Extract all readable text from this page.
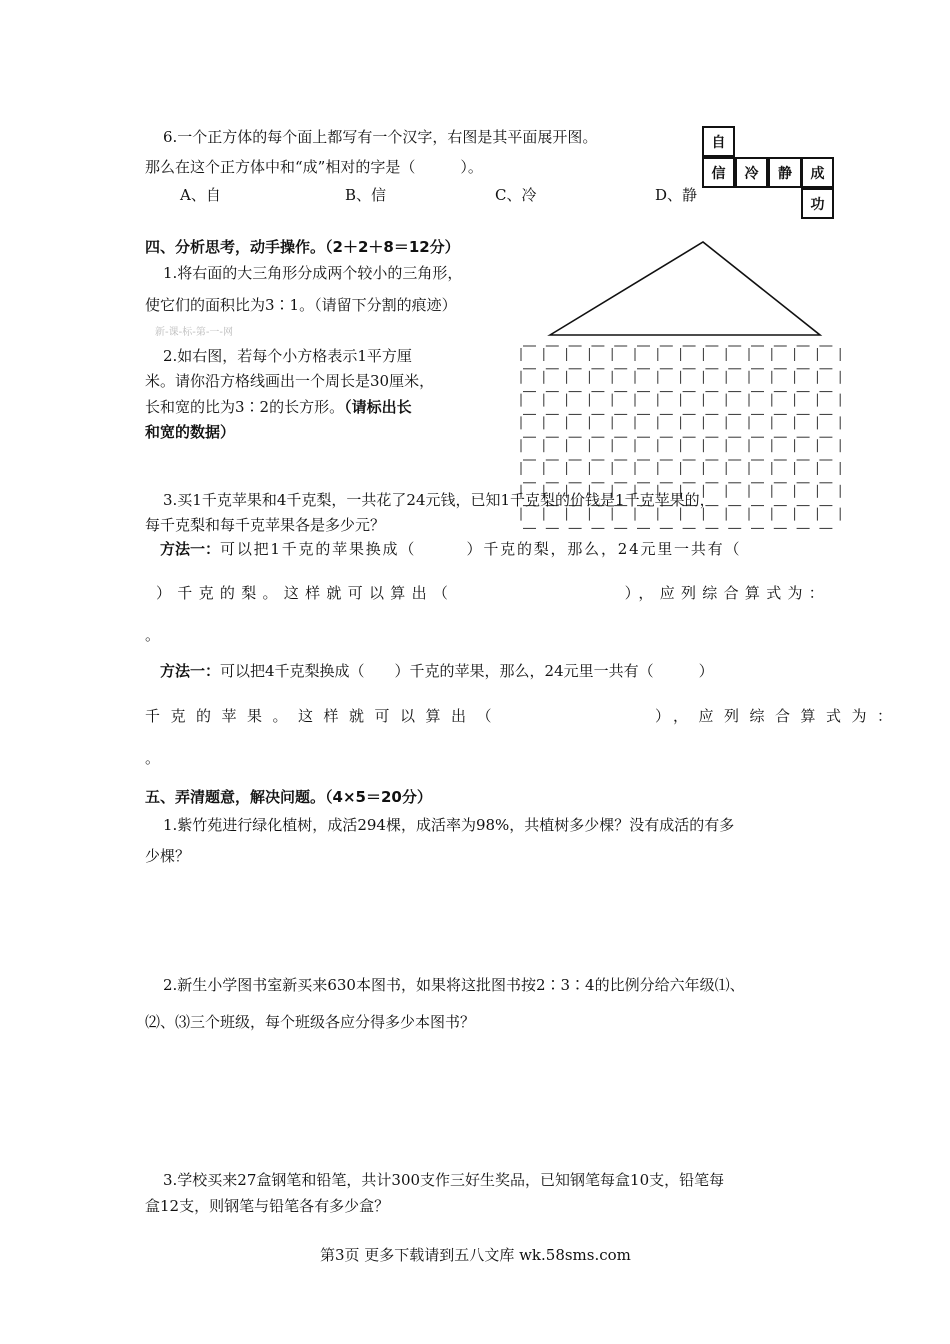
6.一个正方体的每个面上都写有一个汉字，右图是其平面展开图。
那么在这个正方体中和“成”相对的字是（　　　）。
A、自	B、信	C、冷	D、静
自
信	冷	静	成
功
四、分析思考，动手操作。（2＋2＋8＝12分）
1.将右面的大三角形分成两个较小的三角形，
使它们的面积比为3∶1。（请留下分割的痕迹）
新-课-标-第-一-网
2.如右图，若每个小方格表示1平方厘
米。请你沿方格线画出一个周长是30厘米，
长和宽的比为3∶2的长方形。（请标出长
和宽的数据）
3.买1千克苹果和4千克梨，一共花了24元钱，已知1千克梨的价钱是1千克苹果的，
每千克梨和每千克苹果各是多少元？
方法一：可以把1千克的苹果换成（　　　）千克的梨，那么，24元里一共有（
）千克的梨。这样就可以算出（　　　　　　　　），应列综合算式为：
。
方法一：可以把4千克梨换成（　　）千克的苹果，那么，24元里一共有（　　　）
千克的苹果。这样就可以算出（　　　　　　），应列综合算式为：
。
五、弄清题意，解决问题。（4×5＝20分）
1.紫竹苑进行绿化植树，成活294棵，成活率为98%，共植树多少棵？没有成活的有多
少棵？
2.新生小学图书室新买来630本图书，如果将这批图书按2∶3∶4的比例分给六年级⑴、
⑵、⑶三个班级，每个班级各应分得多少本图书？
3.学校买来27盒钢笔和铅笔，共计300支作三好生奖品，已知钢笔每盒10支，铅笔每
盒12支，则钢笔与铅笔各有多少盒？
第3页 更多下载请到五八文库 wk.58sms.com
